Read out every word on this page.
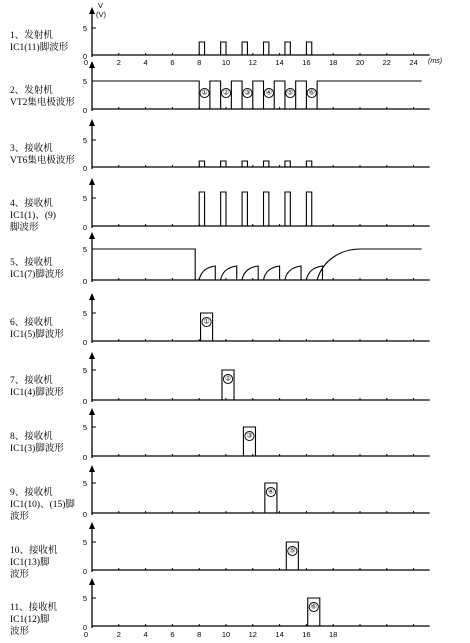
1、发射机
IC1(11)脚波形
2、发射机
VT2集电极波形
3、接收机
VT6集电极波形
4、接收机
IC1(1)、(9)
脚波形
5、接收机
IC1(7)脚波形
6、接收机
IC1(5)脚波形
7、接收机
IC1(4)脚波形
8、接收机
IC1(3)脚波形
9、接收机
IC1(10)、(15)脚
波形
10、接收机
IC1(13)脚
波形
11、接收机
IC1(12)脚
波形
5
0
5
0
① ② ③ ④ ⑤ ⑥
5
0
5
0
5
0
5
0
①
5
0
②
5
0
③
5
0
④
5
0
⑤
5
0
⑥
0	2	4	6	8	10 12 14 16 18 20 22 24 (ms)
V
(V)
0	2	4	6	8	10 12 14 16 18
